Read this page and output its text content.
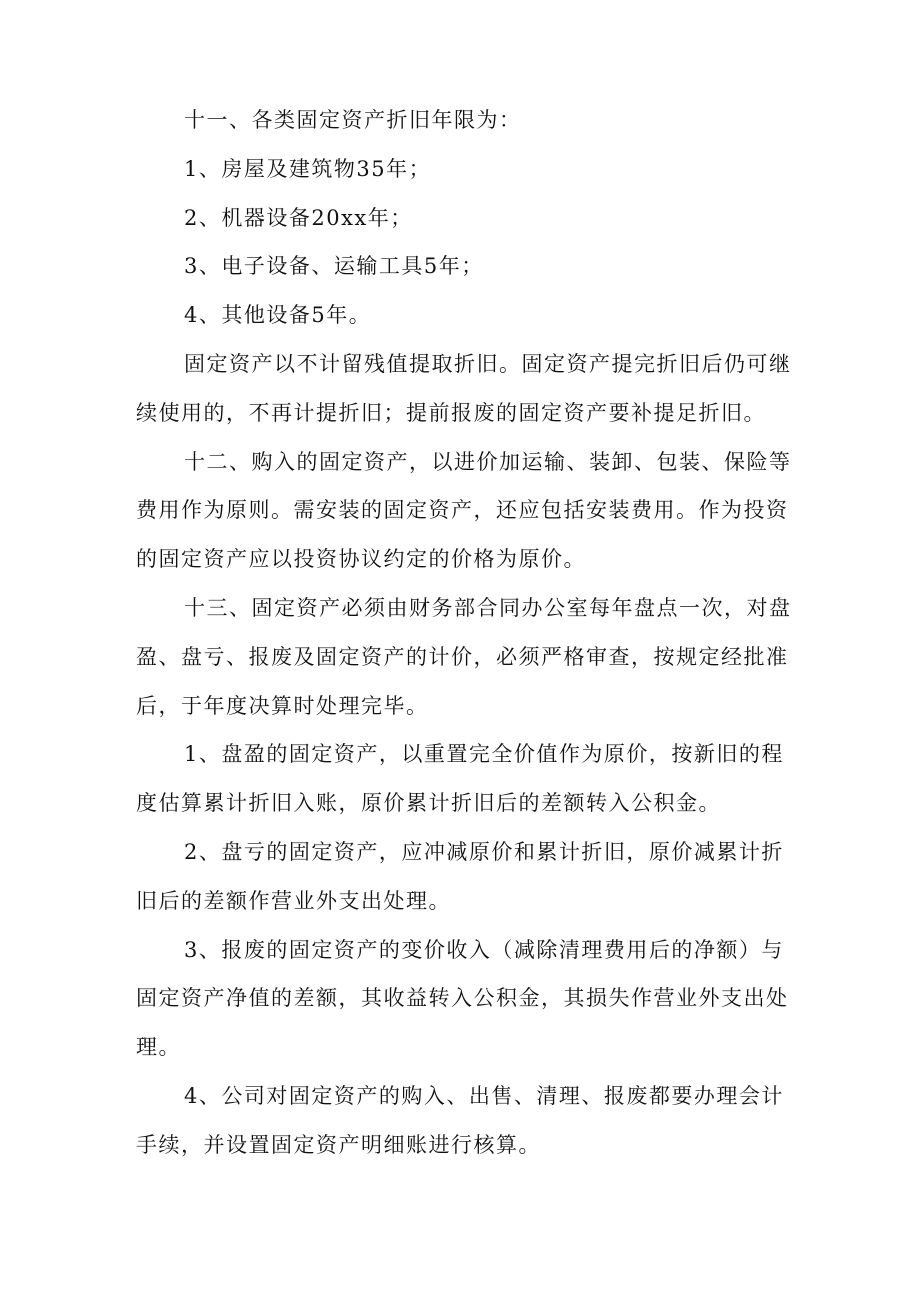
十一、各类固定资产折旧年限为：

1、房屋及建筑物35年；

2、机器设备20xx年；

3、电子设备、运输工具5年；

4、其他设备5年。

固定资产以不计留残值提取折旧。固定资产提完折旧后仍可继续使用的，不再计提折旧；提前报废的固定资产要补提足折旧。

十二、购入的固定资产，以进价加运输、装卸、包装、保险等费用作为原则。需安装的固定资产，还应包括安装费用。作为投资的固定资产应以投资协议约定的价格为原价。

十三、固定资产必须由财务部合同办公室每年盘点一次，对盘盈、盘亏、报废及固定资产的计价，必须严格审查，按规定经批准后，于年度决算时处理完毕。

1、盘盈的固定资产，以重置完全价值作为原价，按新旧的程度估算累计折旧入账，原价累计折旧后的差额转入公积金。

2、盘亏的固定资产，应冲减原价和累计折旧，原价减累计折旧后的差额作营业外支出处理。

3、报废的固定资产的变价收入（减除清理费用后的净额）与固定资产净值的差额，其收益转入公积金，其损失作营业外支出处理。

4、公司对固定资产的购入、出售、清理、报废都要办理会计手续，并设置固定资产明细账进行核算。
